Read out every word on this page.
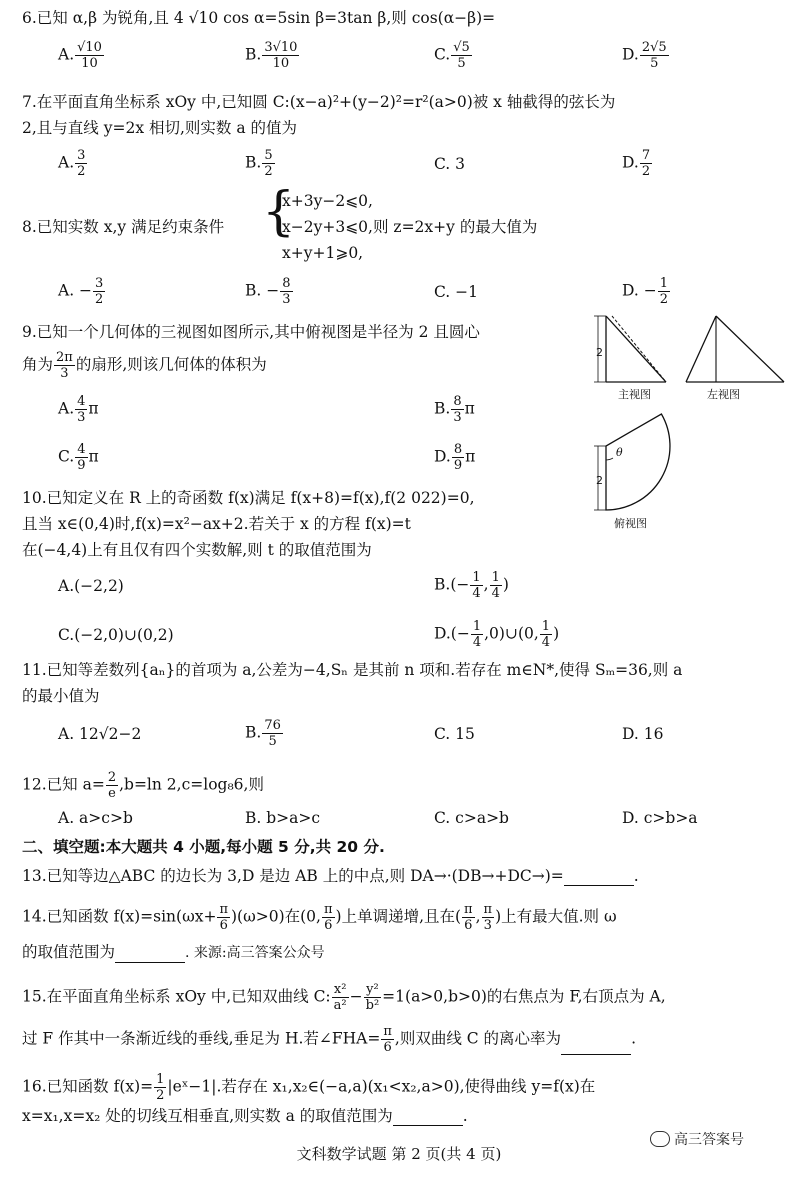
6.已知 α,β 为锐角,且 4 √10 cos α=5sin β=3tan β,则 cos(α−β)=
A. $\frac{√10}{10}$	B. $\frac{3√10}{10}$	C. $\frac{√5}{5}$	D. $\frac{2√5}{5}$
7.在平面直角坐标系 xOy 中,已知圆 C:(x−a)²+(y−2)²=r²(a>0)被 x 轴截得的弦长为
2,且与直线 y=2x 相切,则实数 a 的值为
A. $\frac{3}{2}$	B. $\frac{5}{2}$	C. 3	D. $\frac{7}{2}$
8.已知实数 x,y 满足约束条件 {
x+3y−2⩽0,
x−2y+3⩽0,则 z=2x+y 的最大值为
x+y+1⩾0,
A. − $\frac{3}{2}$	B. − $\frac{8}{3}$	C. −1	D. − $\frac{1}{2}$
9.已知一个几何体的三视图如图所示,其中俯视图是半径为 2 且圆心
角为 $\frac{2\pi}{3}$ 的扇形,则该几何体的体积为
A. $\frac{4}{3}$ π	B. $\frac{8}{3}$ π
C. $\frac{4}{9}$ π	D. $\frac{8}{9}$ π
2
2
θ
主视图	左视图
俯视图
10.已知定义在 R 上的奇函数 f(x)满足 f(x+8)=f(x),f(2 022)=0,
且当 x∈(0,4)时,f(x)=x²−ax+2.若关于 x 的方程 f(x)=t
在(−4,4)上有且仅有四个实数解,则 t 的取值范围为
A.(−2,2)	$B.(- \frac{1}{4}$ , $\frac{1}{4}$ )
C.(−2,0)∪(0,2)	$D.(- \frac{1}{4}$ ,0)∪(0, $\frac{1}{4}$ )
11.已知等差数列{aₙ}的首项为 a,公差为−4,Sₙ 是其前 n 项和.若存在 m∈N*,使得 Sₘ=36,则 a
的最小值为
A. 12√2−2	B. $\frac{76}{5}$	C. 15	D. 16
12.已知 $a= \frac{2}{e} ,b=\ln$ 2,c=log₈6,则
A. a>c>b	B. b>a>c	C. c>a>b	D. c>b>a
二、填空题:本大题共 4 小题,每小题 5 分,共 20 分.
13.已知等边△ABC 的边长为 3,D 是边 AB 上的中点,则 DA→·(DB→+DC→)=	.
14.已知函数 $f(x)=\sin(\omega x+ \frac{\pi}{6} )(\omega>0)$在(0, $\frac{\pi}{6}$ )上单调递增,且在( $\frac{\pi}{6}$ , $\frac{\pi}{3}$ )上有最大值.则 ω
的取值范围为	. 来源:高三答案公众号
15.在平面直角坐标系 xOy 中,已知双曲线 C: $\frac{\text{x²}}{\text{a²}} - \frac{\text{y²}}{\text{b²}} =1(a>0,b>0)$的右焦点为 F,右顶点为 A,
过 F 作其中一条渐近线的垂线,垂足为 H.若∠FHA= $\frac{\pi}{6}$ ,则双曲线 C 的离心率为	.
16.已知函数 $f(x)= \frac{1}{2}$ |eˣ−1|.若存在 x₁,x₂∈(−a,a)(x₁<x₂,a>0),使得曲线 y=f(x)在
x=x₁,x=x₂ 处的切线互相垂直,则实数 a 的取值范围为	.
文科数学试题 第 2 页(共 4 页)
高三答案号
